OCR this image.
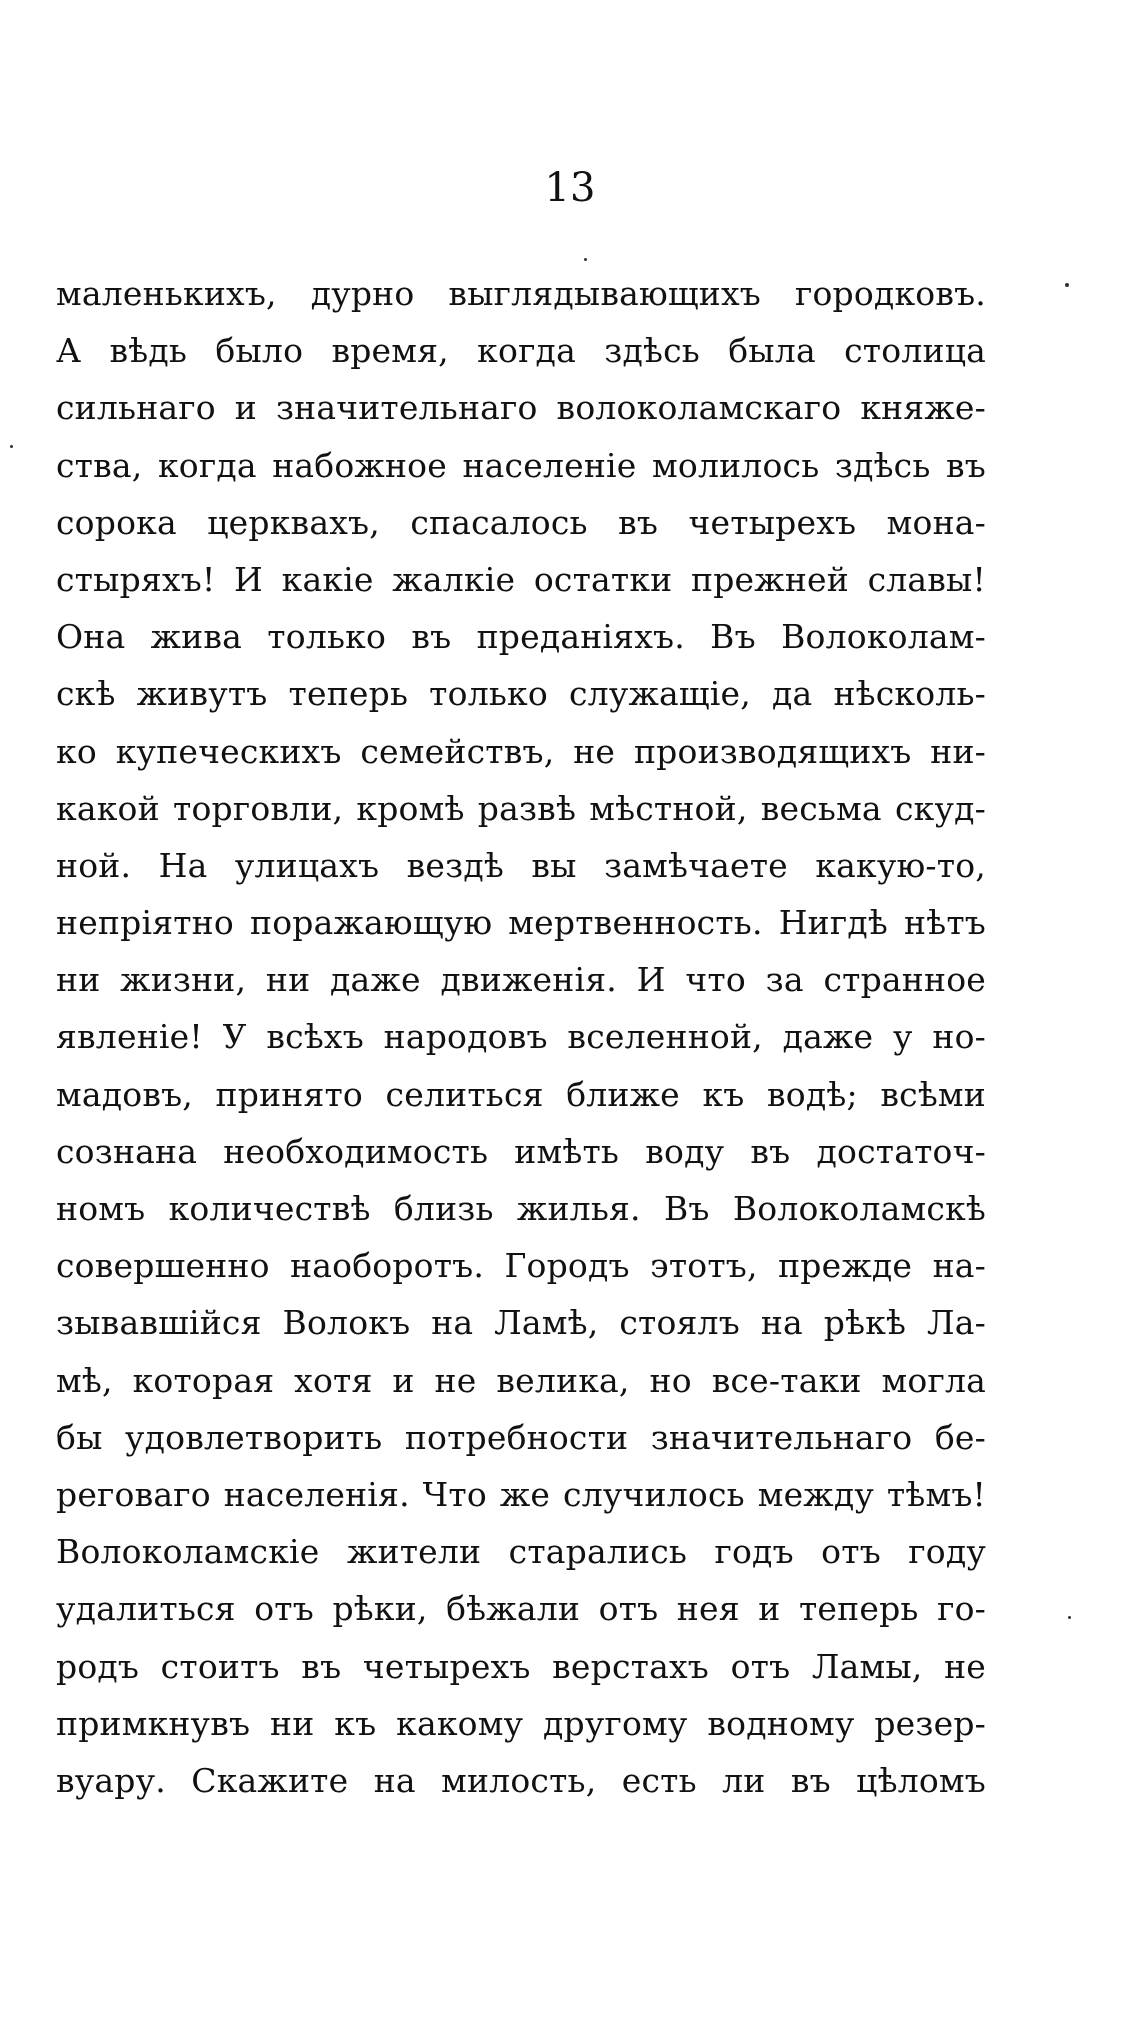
13
маленькихъ, дурно выглядывающихъ городковъ.
А вѣдь было время, когда здѣсь была столица
сильнаго и значительнаго волоколамскаго княже-
ства, когда набожное населеніе молилось здѣсь въ
сорока церквахъ, спасалось въ четырехъ мона-
стыряхъ! И какіе жалкіе остатки прежней славы!
Она жива только въ преданіяхъ. Въ Волоколам-
скѣ живутъ теперь только служащіе, да нѣсколь-
ко купеческихъ семействъ, не производящихъ ни-
какой торговли, кромѣ развѣ мѣстной, весьма скуд-
ной. На улицахъ вездѣ вы замѣчаете какую-то,
непріятно поражающую мертвенность. Нигдѣ нѣтъ
ни жизни, ни даже движенія. И что за странное
явленіе! У всѣхъ народовъ вселенной, даже у но-
мадовъ, принято селиться ближе къ водѣ; всѣми
сознана необходимость имѣть воду въ достаточ-
номъ количествѣ близь жилья. Въ Волоколамскѣ
совершенно наоборотъ. Городъ этотъ, прежде на-
зывавшійся Волокъ на Ламѣ, стоялъ на рѣкѣ Ла-
мѣ, которая хотя и не велика, но все-таки могла
бы удовлетворить потребности значительнаго бе-
реговаго населенія. Что же случилось между тѣмъ!
Волоколамскіе жители старались годъ отъ году
удалиться отъ рѣки, бѣжали отъ нея и теперь го-
родъ стоитъ въ четырехъ верстахъ отъ Ламы, не
примкнувъ ни къ какому другому водному резер-
вуару. Скажите на милость, есть ли въ цѣломъ
